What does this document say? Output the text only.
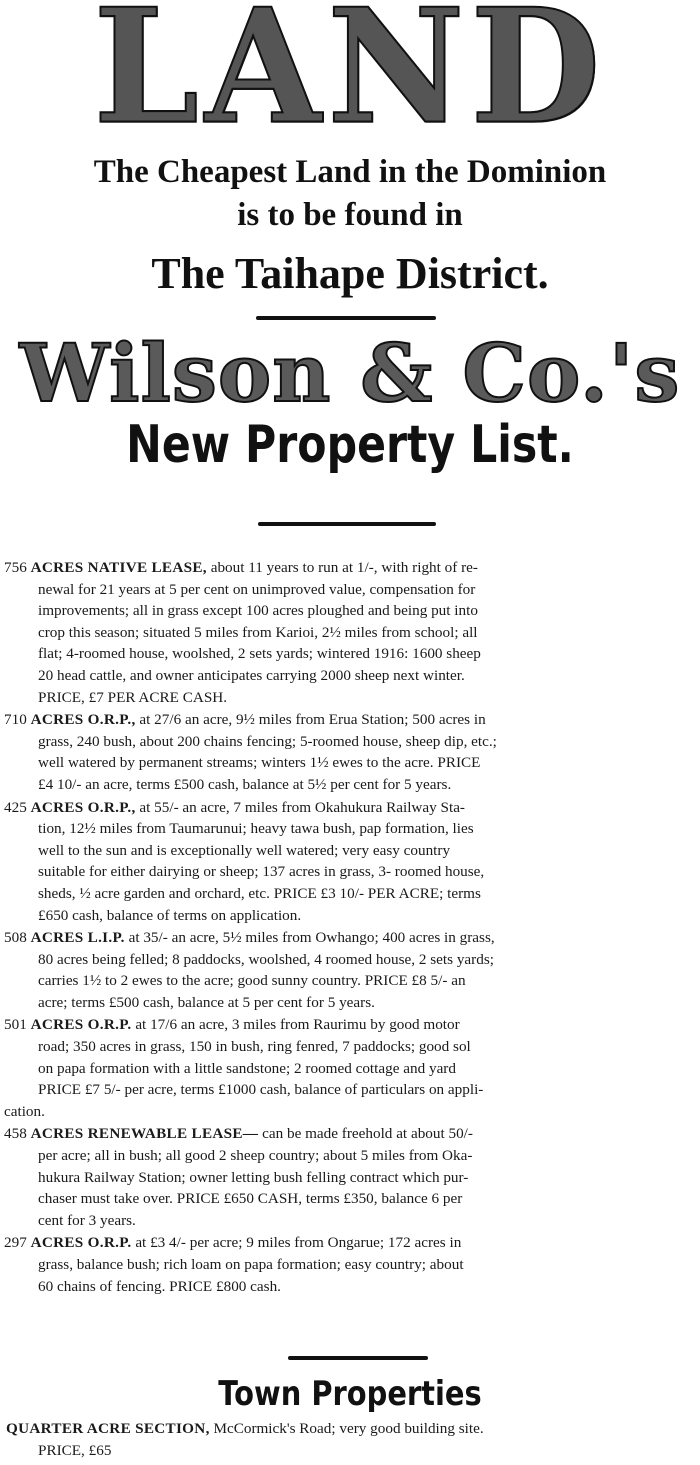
LAND
The Cheapest Land in the Dominion
is to be found in
The Taihape District.
Wilson & Co.'s
New Property List.
756 ACRES NATIVE LEASE, about 11 years to run at 1/-, with right of re-
newal for 21 years at 5 per cent on unimproved value, compensation for
improvements; all in grass except 100 acres ploughed and being put into
crop this season; situated 5 miles from Karioi, 2½ miles from school; all
flat; 4-roomed house, woolshed, 2 sets yards; wintered 1916: 1600 sheep
20 head cattle, and owner anticipates carrying 2000 sheep next winter.
PRICE, £7 PER ACRE CASH.
710 ACRES O.R.P., at 27/6 an acre, 9½ miles from Erua Station; 500 acres in
grass, 240 bush, about 200 chains fencing; 5-roomed house, sheep dip, etc.;
well watered by permanent streams; winters 1½ ewes to the acre. PRICE
£4 10/- an acre, terms £500 cash, balance at 5½ per cent for 5 years.
425 ACRES O.R.P., at 55/- an acre, 7 miles from Okahukura Railway Sta-
tion, 12½ miles from Taumarunui; heavy tawa bush, pap formation, lies
well to the sun and is exceptionally well watered; very easy country
suitable for either dairying or sheep; 137 acres in grass, 3- roomed house,
sheds, ½ acre garden and orchard, etc. PRICE £3 10/- PER ACRE; terms
£650 cash, balance of terms on application.
508 ACRES L.I.P. at 35/- an acre, 5½ miles from Owhango; 400 acres in grass,
80 acres being felled; 8 paddocks, woolshed, 4 roomed house, 2 sets yards;
carries 1½ to 2 ewes to the acre; good sunny country. PRICE £8 5/- an
acre; terms £500 cash, balance at 5 per cent for 5 years.
501 ACRES O.R.P. at 17/6 an acre, 3 miles from Raurimu by good motor
road; 350 acres in grass, 150 in bush, ring fenred, 7 paddocks; good sol
on papa formation with a little sandstone; 2 roomed cottage and yard
PRICE £7 5/- per acre, terms £1000 cash, balance of particulars on appli-
cation.
458 ACRES RENEWABLE LEASE— can be made freehold at about 50/-
per acre; all in bush; all good 2 sheep country; about 5 miles from Oka-
hukura Railway Station; owner letting bush felling contract which pur-
chaser must take over. PRICE £650 CASH, terms £350, balance 6 per
cent for 3 years.
297 ACRES O.R.P. at £3 4/- per acre; 9 miles from Ongarue; 172 acres in
grass, balance bush; rich loam on papa formation; easy country; about
60 chains of fencing. PRICE £800 cash.
Town Properties
QUARTER ACRE SECTION, McCormick's Road; very good building site.
PRICE, £65
